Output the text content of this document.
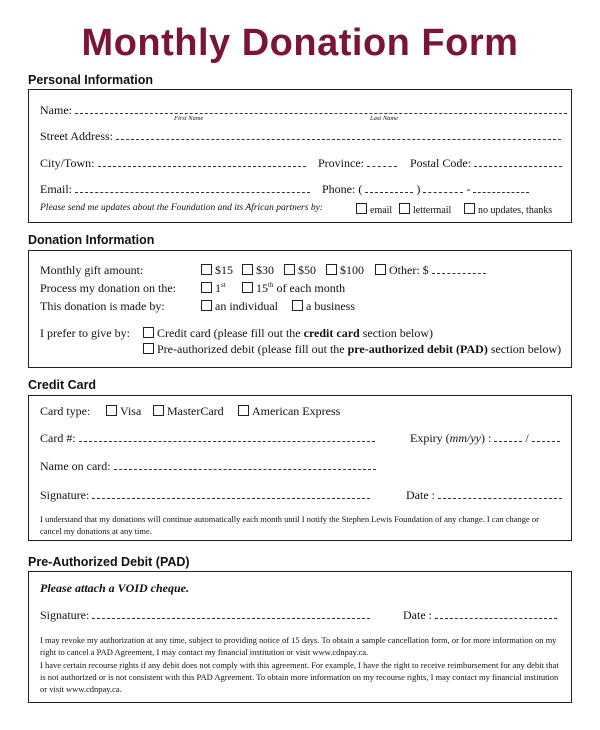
Monthly Donation Form
Personal Information
Name:
First Name	Last Name
Street Address:
City/Town:	Province:	Postal Code:
Email:	Phone: (	)	-
Please send me updates about the Foundation and its African partners by:	email	lettermail	no updates, thanks
Donation Information
Monthly gift amount:	$15	$30	$50	$100	Other: $
Process my donation on the:	1st	15th of each month
This donation is made by:	an individual	a business
I prefer to give by:	Credit card (please fill out the credit card section below)
Pre-authorized debit (please fill out the pre-authorized debit (PAD) section below)
Credit Card
Card type:	Visa	MasterCard	American Express
Card #:	Expiry (mm/yy) :	/
Name on card:
Signature:	Date :
I understand that my donations will continue automatically each month until I notify the Stephen Lewis Foundation of any change. I can change or cancel my donations at any time.
Pre-Authorized Debit (PAD)
Please attach a VOID cheque.
Signature:	Date :
I may revoke my authorization at any time, subject to providing notice of 15 days. To obtain a sample cancellation form, or for more information on my right to cancel a PAD Agreement, I may contact my financial institution or visit www.cdnpay.ca.
I have certain recourse rights if any debit does not comply with this agreement. For example, I have the right to receive reimbursement for any debit that is not authorized or is not consistent with this PAD Agreement. To obtain more information on my recourse rights, I may contact my financial institution or visit www.cdnpay.ca.
